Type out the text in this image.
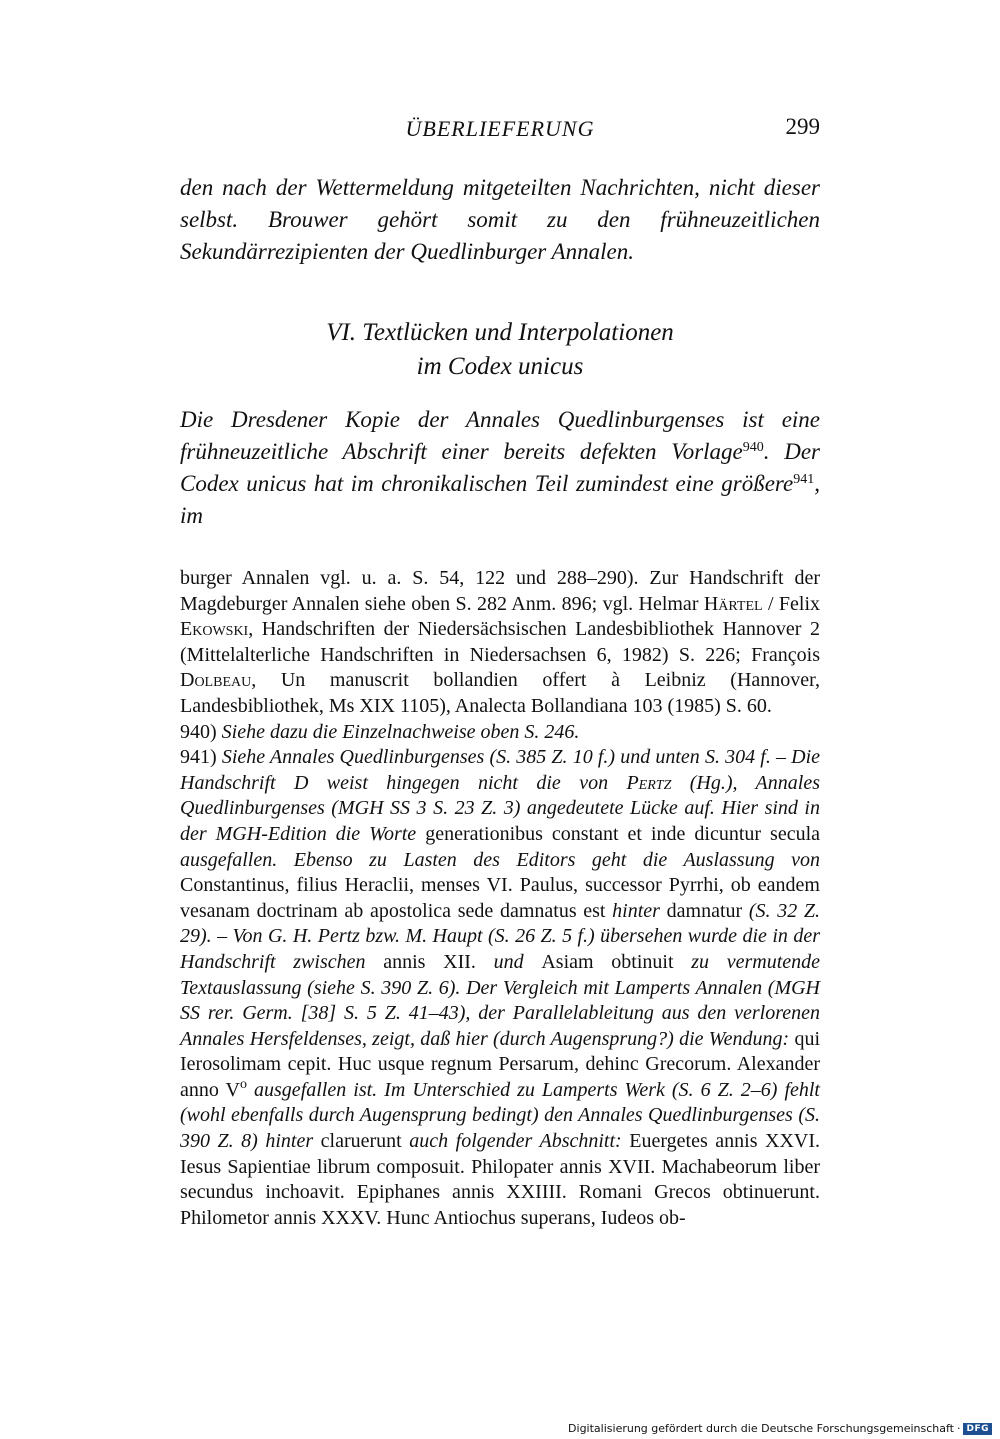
ÜBERLIEFERUNG	299

den nach der Wettermeldung mitgeteilten Nachrichten, nicht dieser selbst. Brouwer gehört somit zu den frühneuzeitlichen Sekundärrezipienten der Quedlinburger Annalen.

VI. Textlücken und Interpolationen
im Codex unicus

Die Dresdener Kopie der Annales Quedlinburgenses ist eine frühneuzeitliche Abschrift einer bereits defekten Vorlage$^{940}$. Der Codex unicus hat im chronikalischen Teil zumindest eine größere$^{941}$, im

burger Annalen vgl. u. a. S. 54, 122 und 288–290). Zur Handschrift der Magdeburger Annalen siehe oben S. 282 Anm. 896; vgl. Helmar Härtel / Felix Ekowski, Handschriften der Niedersächsischen Landesbibliothek Hannover 2 (Mittelalterliche Handschriften in Niedersachsen 6, 1982) S. 226; François Dolbeau, Un manuscrit bollandien offert à Leibniz (Hannover, Landesbibliothek, Ms XIX 1105), Analecta Bollandiana 103 (1985) S. 60.

940) Siehe dazu die Einzelnachweise oben S. 246.

941) Siehe Annales Quedlinburgenses (S. 385 Z. 10 f.) und unten S. 304 f. – Die Handschrift D weist hingegen nicht die von Pertz (Hg.), Annales Quedlinburgenses (MGH SS 3 S. 23 Z. 3) angedeutete Lücke auf. Hier sind in der MGH-Edition die Worte generationibus constant et inde dicuntur secula ausgefallen. Ebenso zu Lasten des Editors geht die Auslassung von Constantinus, filius Heraclii, menses VI. Paulus, successor Pyrrhi, ob eandem vesanam doctrinam ab apostolica sede damnatus est hinter damnatur (S. 32 Z. 29). – Von G. H. Pertz bzw. M. Haupt (S. 26 Z. 5 f.) übersehen wurde die in der Handschrift zwischen annis XII. und Asiam obtinuit zu vermutende Textauslassung (siehe S. 390 Z. 6). Der Vergleich mit Lamperts Annalen (MGH SS rer. Germ. [38] S. 5 Z. 41–43), der Parallelableitung aus den verlorenen Annales Hersfeldenses, zeigt, daß hier (durch Augensprung?) die Wendung: qui Ierosolimam cepit. Huc usque regnum Persarum, dehinc Grecorum. Alexander anno $V^o$ ausgefallen ist. Im Unterschied zu Lamperts Werk (S. 6 Z. 2–6) fehlt (wohl ebenfalls durch Augensprung bedingt) den Annales Quedlinburgenses (S. 390 Z. 8) hinter claruerunt auch folgender Abschnitt: Euergetes annis XXVI. Iesus Sapientiae librum composuit. Philopater annis XVII. Machabeorum liber secundus inchoavit. Epiphanes annis XXIIII. Romani Grecos obtinuerunt. Philometor annis XXXV. Hunc Antiochus superans, Iudeos ob-

Digitalisierung gefördert durch die Deutsche Forschungsgemeinschaft · DFG
